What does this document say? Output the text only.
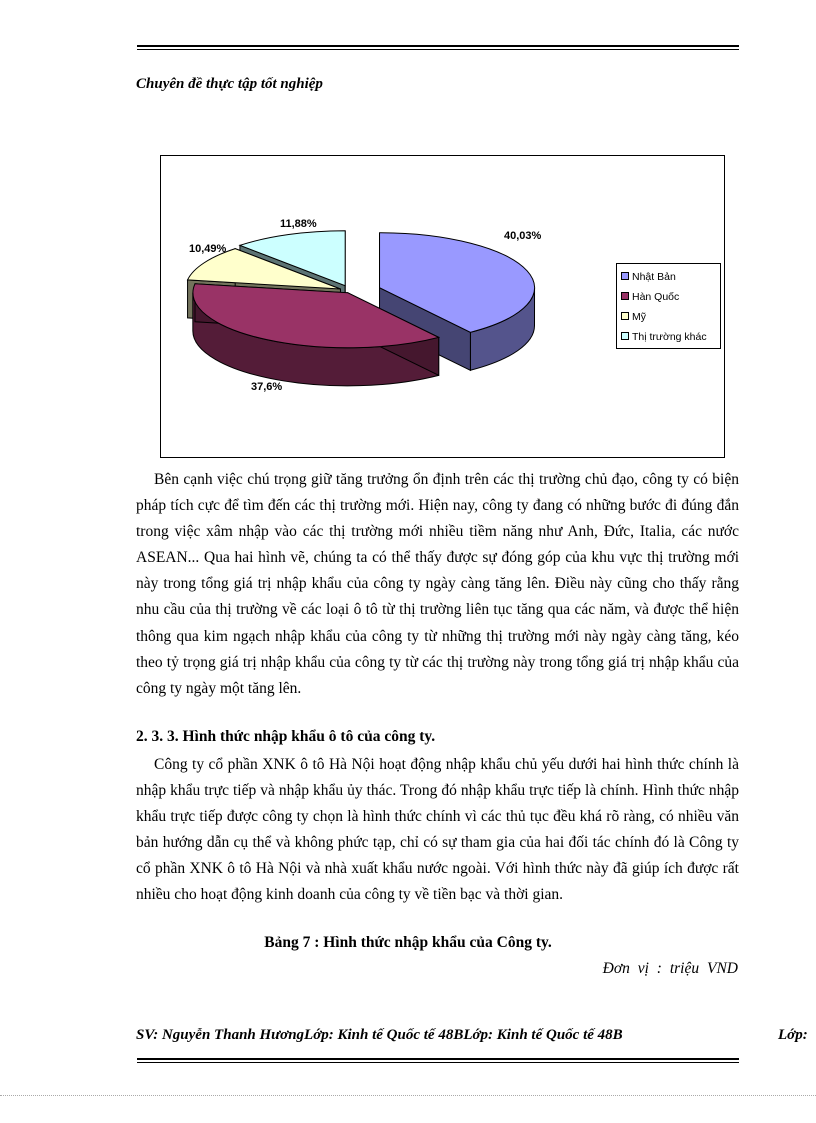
Chuyên đề thực tập tốt nghiệp
40,03%
37,6%
10,49%
11,88%
Nhật Bản
Hàn Quốc
Mỹ
Thị trường khác

Bên cạnh việc chú trọng giữ tăng trưởng ổn định trên các thị trường chủ đạo, công ty có biện pháp tích cực để tìm đến các thị trường mới. Hiện nay, công ty đang có những bước đi đúng đắn trong việc xâm nhập vào các thị trường mới nhiều tiềm năng như Anh, Đức, Italia, các nước ASEAN... Qua hai hình vẽ, chúng ta có thể thấy được sự đóng góp của khu vực thị trường mới này trong tổng giá trị nhập khẩu của công ty ngày càng tăng lên. Điều này cũng cho thấy rằng nhu cầu của thị trường về các loại ô tô từ thị trường liên tục tăng qua các năm, và được thể hiện thông qua kim ngạch nhập khẩu của công ty từ những thị trường mới này ngày càng tăng, kéo theo tỷ trọng giá trị nhập khẩu của công ty từ các thị trường này trong tổng giá trị nhập khẩu của công ty ngày một tăng lên.

2. 3. 3. Hình thức nhập khẩu ô tô của công ty.

Công ty cổ phần XNK ô tô Hà Nội hoạt động nhập khẩu chủ yếu dưới hai hình thức chính là nhập khẩu trực tiếp và nhập khẩu ủy thác. Trong đó nhập khẩu trực tiếp là chính. Hình thức nhập khẩu trực tiếp được công ty chọn là hình thức chính vì các thủ tục đều khá rõ ràng, có nhiều văn bản hướng dẫn cụ thể và không phức tạp, chỉ có sự tham gia của hai đối tác chính đó là Công ty cổ phần XNK ô tô Hà Nội và nhà xuất khẩu nước ngoài. Với hình thức này đã giúp ích được rất nhiều cho hoạt động kinh doanh của công ty về tiền bạc và thời gian.

Bảng 7 : Hình thức nhập khẩu của Công ty.
Đơn vị : triệu VND
SV: Nguyễn Thanh HươngLớp: Kinh tế Quốc tế 48BLớp: Kinh tế Quốc tế 48B	Lớp:
